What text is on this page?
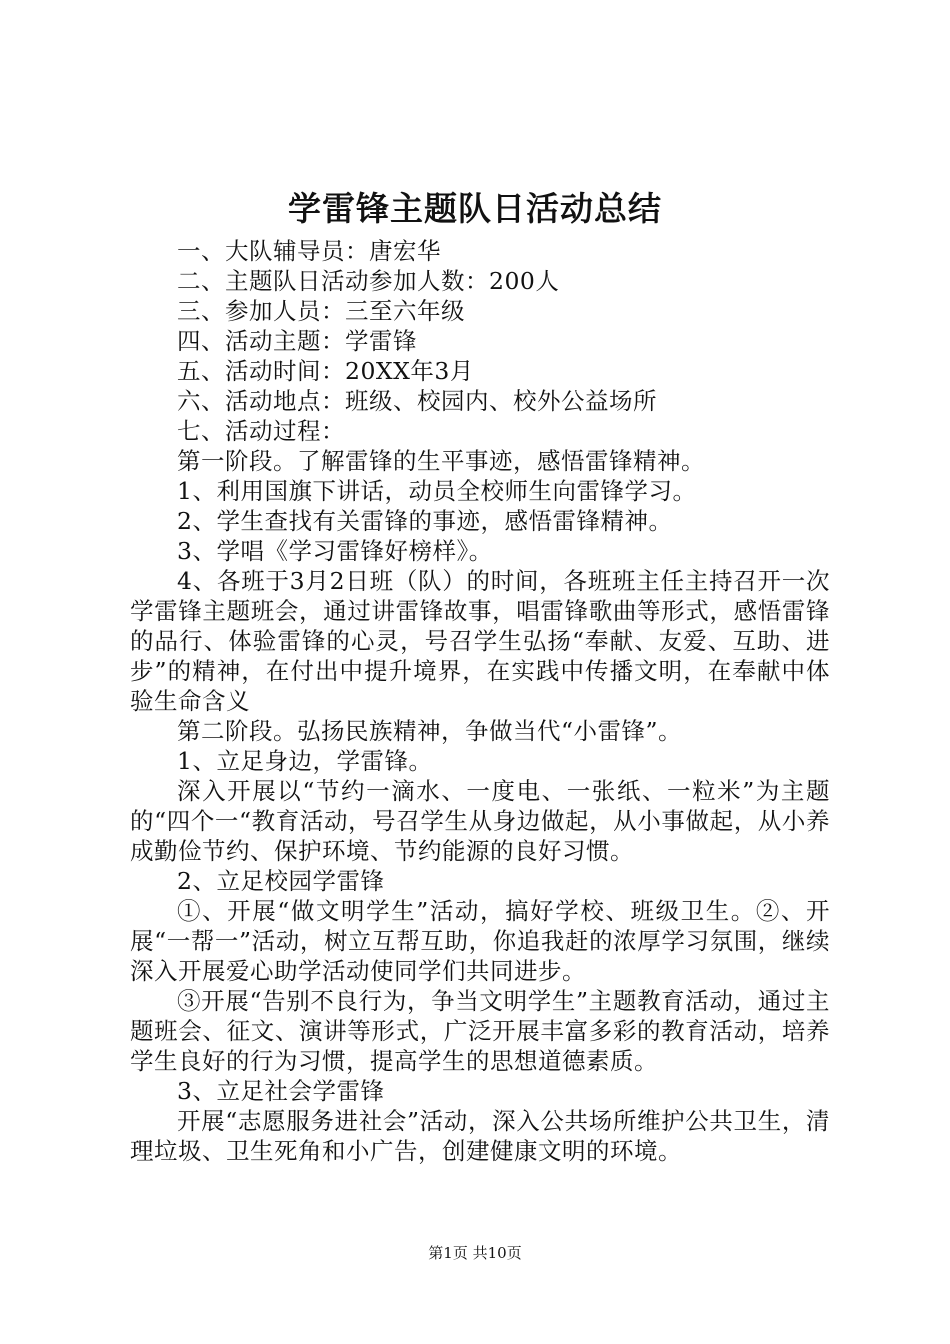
学雷锋主题队日活动总结

一、大队辅导员：唐宏华

二、主题队日活动参加人数：200人

三、参加人员：三至六年级

四、活动主题：学雷锋

五、活动时间：20XX年3月

六、活动地点：班级、校园内、校外公益场所

七、活动过程：

第一阶段。了解雷锋的生平事迹，感悟雷锋精神。

1、利用国旗下讲话，动员全校师生向雷锋学习。

2、学生查找有关雷锋的事迹，感悟雷锋精神。

3、学唱《学习雷锋好榜样》。

4、各班于3月2日班（队）的时间，各班班主任主持召开一次学雷锋主题班会，通过讲雷锋故事，唱雷锋歌曲等形式，感悟雷锋的品行、体验雷锋的心灵，号召学生弘扬“奉献、友爱、互助、进步”的精神，在付出中提升境界，在实践中传播文明，在奉献中体验生命含义

第二阶段。弘扬民族精神，争做当代“小雷锋”。

1、立足身边，学雷锋。

深入开展以“节约一滴水、一度电、一张纸、一粒米”为主题的“四个一“教育活动，号召学生从身边做起，从小事做起，从小养成勤俭节约、保护环境、节约能源的良好习惯。

2、立足校园学雷锋

①、开展“做文明学生”活动，搞好学校、班级卫生。②、开展“一帮一”活动，树立互帮互助，你追我赶的浓厚学习氛围，继续深入开展爱心助学活动使同学们共同进步。

③开展“告别不良行为，争当文明学生”主题教育活动，通过主题班会、征文、演讲等形式，广泛开展丰富多彩的教育活动，培养学生良好的行为习惯，提高学生的思想道德素质。

3、立足社会学雷锋

开展“志愿服务进社会”活动，深入公共场所维护公共卫生，清理垃圾、卫生死角和小广告，创建健康文明的环境。

第1页 共10页
